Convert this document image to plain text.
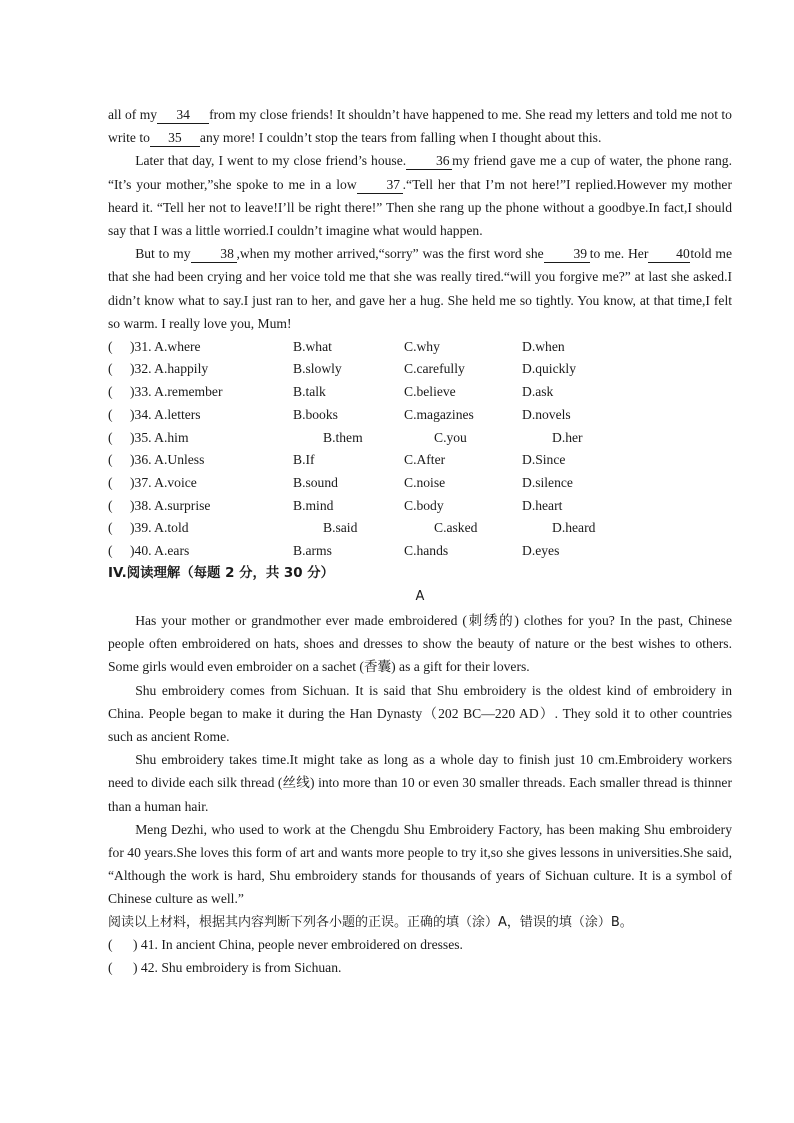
all of my 34 from my close friends! It shouldn’t have happened to me. She read my letters and told me not to write to 35 any more! I couldn’t stop the tears from falling when I thought about this.

Later that day, I went to my close friend’s house. 36 my friend gave me a cup of water, the phone rang. “It’s your mother,”she spoke to me in a low 37 .“Tell her that I’m not here!”I replied.However my mother heard it. “Tell her not to leave!I’ll be right there!” Then she rang up the phone without a goodbye.In fact,I should say that I was a little worried.I couldn’t imagine what would happen.

But to my 38 ,when my mother arrived,“sorry” was the first word she 39 to me. Her 40told me that she had been crying and her voice told me that she was really tired.“will you forgive me?” at last she asked.I didn’t know what to say.I just ran to her, and gave her a hug. She held me so tightly. You know, at that time,I felt so warm. I really love you, Mum!

(	)31. A.where	B.what	C.why	D.when
(	)32. A.happily	B.slowly	C.carefully	D.quickly
(	)33. A.remember	B.talk	C.believe	D.ask
(	)34. A.letters	B.books	C.magazines	D.novels
(	)35. A.him	B.them	C.you	D.her
(	)36. A.Unless	B.If	C.After	D.Since
(	)37. A.voice	B.sound	C.noise	D.silence
(	)38. A.surprise	B.mind	C.body	D.heart
(	)39. A.told	B.said	C.asked	D.heard
(	)40. A.ears	B.arms	C.hands	D.eyes
IV.阅读理解（每题 2 分，共 30 分）
A

Has your mother or grandmother ever made embroidered (刺绣的) clothes for you? In the past, Chinese people often embroidered on hats, shoes and dresses to show the beauty of nature or the best wishes to others. Some girls would even embroider on a sachet (香囊) as a gift for their lovers.

Shu embroidery comes from Sichuan. It is said that Shu embroidery is the oldest kind of embroidery in China. People began to make it during the Han Dynasty（202 BC—220 AD）. They sold it to other countries such as ancient Rome.

Shu embroidery takes time.It might take as long as a whole day to finish just 10 cm.Embroidery workers need to divide each silk thread (丝线) into more than 10 or even 30 smaller threads. Each smaller thread is thinner than a human hair.

Meng Dezhi, who used to work at the Chengdu Shu Embroidery Factory, has been making Shu embroidery for 40 years.She loves this form of art and wants more people to try it,so she gives lessons in universities.She said, “Although the work is hard, Shu embroidery stands for thousands of years of Sichuan culture. It is a symbol of Chinese culture as well.”

阅读以上材料，根据其内容判断下列各小题的正误。正确的填（涂）A，错误的填（涂）B。
(	) 41. In ancient China, people never embroidered on dresses.
(	) 42. Shu embroidery is from Sichuan.
